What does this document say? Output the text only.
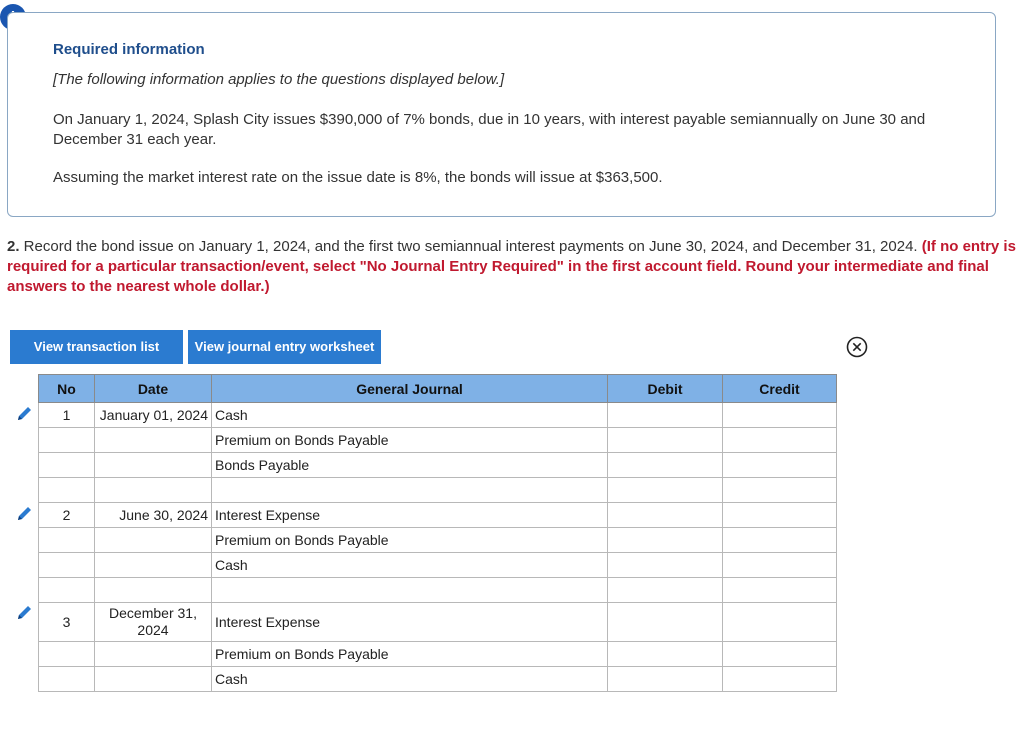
Required information
[The following information applies to the questions displayed below.]
On January 1, 2024, Splash City issues $390,000 of 7% bonds, due in 10 years, with interest payable semiannually on June 30 and December 31 each year.
Assuming the market interest rate on the issue date is 8%, the bonds will issue at $363,500.
2. Record the bond issue on January 1, 2024, and the first two semiannual interest payments on June 30, 2024, and December 31, 2024. (If no entry is required for a particular transaction/event, select "No Journal Entry Required" in the first account field. Round your intermediate and final answers to the nearest whole dollar.)
View transaction list	View journal entry worksheet
No	Date	General Journal	Debit	Credit
1	January 01, 2024	Cash		
		Premium on Bonds Payable		
		Bonds Payable		

2	June 30, 2024	Interest Expense		
		Premium on Bonds Payable		
		Cash		

3	December 31, 2024	Interest Expense		
		Premium on Bonds Payable		
		Cash		
